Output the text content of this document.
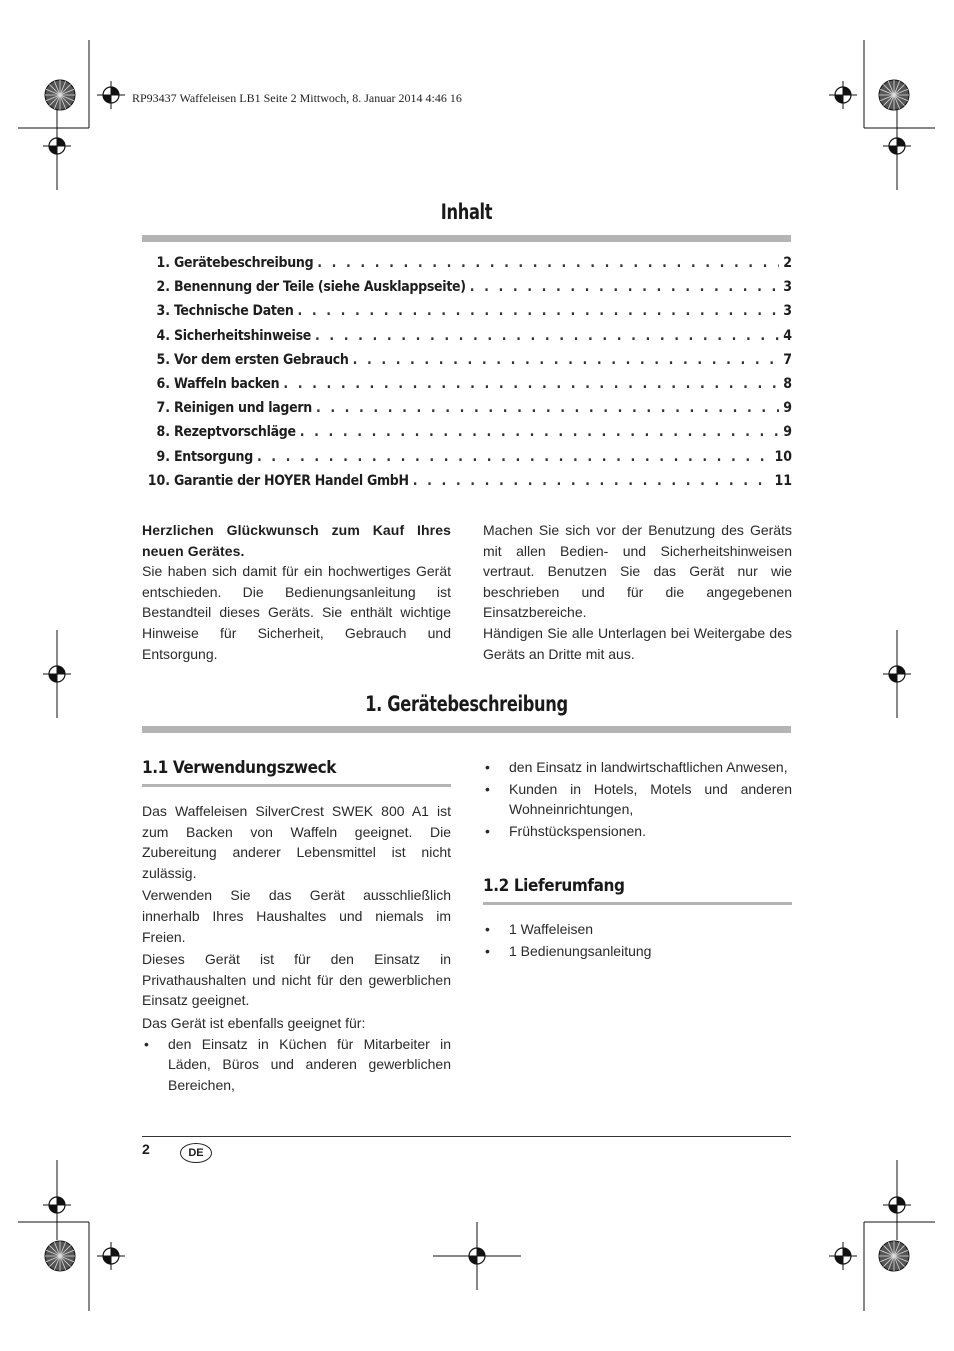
RP93437 Waffeleisen LB1 Seite 2 Mittwoch, 8. Januar 2014 4:46 16
Inhalt
1. Gerätebeschreibung . . .	2
2. Benennung der Teile (siehe Ausklappseite) . . .	3
3. Technische Daten . . .	3
4. Sicherheitshinweise . . .	4
5. Vor dem ersten Gebrauch . . .	7
6. Waffeln backen . . .	8
7. Reinigen und lagern . . .	9
8. Rezeptvorschläge . . .	9
9. Entsorgung . . .	10
10. Garantie der HOYER Handel GmbH . . .	11

Herzlichen Glückwunsch zum Kauf Ihres neuen Gerätes.

Sie haben sich damit für ein hochwertiges Gerät entschieden. Die Bedienungsanleitung ist Bestandteil dieses Geräts. Sie enthält wichtige Hinweise für Sicherheit, Gebrauch und Entsorgung.

Machen Sie sich vor der Benutzung des Geräts mit allen Bedien- und Sicherheitshinweisen vertraut. Benutzen Sie das Gerät nur wie beschrieben und für die angegebenen Einsatzbereiche.

Händigen Sie alle Unterlagen bei Weitergabe des Geräts an Dritte mit aus.

1. Gerätebeschreibung
1.1 Verwendungszweck

Das Waffeleisen SilverCrest SWEK 800 A1 ist zum Backen von Waffeln geeignet. Die Zubereitung anderer Lebensmittel ist nicht zulässig.

Verwenden Sie das Gerät ausschließlich innerhalb Ihres Haushaltes und niemals im Freien.

Dieses Gerät ist für den Einsatz in Privathaushalten und nicht für den gewerblichen Einsatz geeignet.

Das Gerät ist ebenfalls geeignet für:

• den Einsatz in Küchen für Mitarbeiter in Läden, Büros und anderen gewerblichen Bereichen,
• den Einsatz in landwirtschaftlichen Anwesen,
• Kunden in Hotels, Motels und anderen Wohneinrichtungen,
• Frühstückspensionen.
1.2 Lieferumfang
• 1 Waffeleisen
• 1 Bedienungsanleitung
2	DE
